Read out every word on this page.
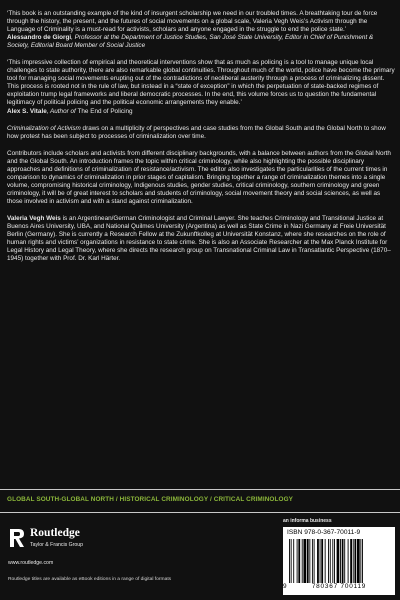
‘This book is an outstanding example of the kind of insurgent scholarship we need in our troubled times. A breathtaking tour de force through the history, the present, and the futures of social movements on a global scale, Valeria Vegh Weis’s Activism through the Language of Criminality is a must-read for activists, scholars and anyone engaged in the struggle to end the police state.’
Alessandro de Giorgi, Professor at the Department of Justice Studies, San José State University, Editor in Chief of Punishment & Society, Editorial Board Member of Social Justice

‘This impressive collection of empirical and theoretical interventions show that as much as policing is a tool to manage unique local challenges to state authority, there are also remarkable global continuities. Throughout much of the world, police have become the primary tool for managing social movements erupting out of the contradictions of neoliberal austerity through a process of criminalizing dissent. This process is rooted not in the rule of law, but instead in a “state of exception” in which the perpetuation of state-backed regimes of exploitation trump legal frameworks and liberal democratic processes. In the end, this volume forces us to question the fundamental legitimacy of political policing and the political economic arrangements they enable.’
Alex S. Vitale, Author of The End of Policing

Criminalization of Activism draws on a multiplicity of perspectives and case studies from the Global South and the Global North to show how protest has been subject to processes of criminalization over time.

Contributors include scholars and activists from different disciplinary backgrounds, with a balance between authors from the Global North and the Global South. An introduction frames the topic within critical criminology, while also highlighting the possible disciplinary approaches and definitions of criminalization of resistance/activism. The editor also investigates the particularities of the current times in comparison to dynamics of criminalization in prior stages of capitalism. Bringing together a range of criminalization themes into a single volume, compromising historical criminology, Indigenous studies, gender studies, critical criminology, southern criminology and green criminology, it will be of great interest to scholars and students of criminology, social movement theory and social sciences, as well as those involved in activism and with a stand against criminalization.

Valeria Vegh Weis is an Argentinean/German Criminologist and Criminal Lawyer. She teaches Criminology and Transitional Justice at Buenos Aires University, UBA, and National Quilmes University (Argentina) as well as State Crime in Nazi Germany at Freie Universität Berlin (Germany). She is currently a Research Fellow at the Zukunftkolleg at Universität Konstanz, where she researches on the role of human rights and victims’ organizations in resistance to state crime. She is also an Associate Researcher at the Max Planck Institute for Legal History and Legal Theory, where she directs the research group on Transnational Criminal Law in Transatlantic Perspective (1870–1945) together with Prof. Dr. Karl Härter.

GLOBAL SOUTH-GLOBAL NORTH / HISTORICAL CRIMINOLOGY / CRITICAL CRIMINOLOGY
Routledge
Taylor & Francis Group
www.routledge.com
Routledge titles are available as eBook editions in a range of digital formats
an informa business
ISBN 978-0-367-70011-9
9	780367 700119
